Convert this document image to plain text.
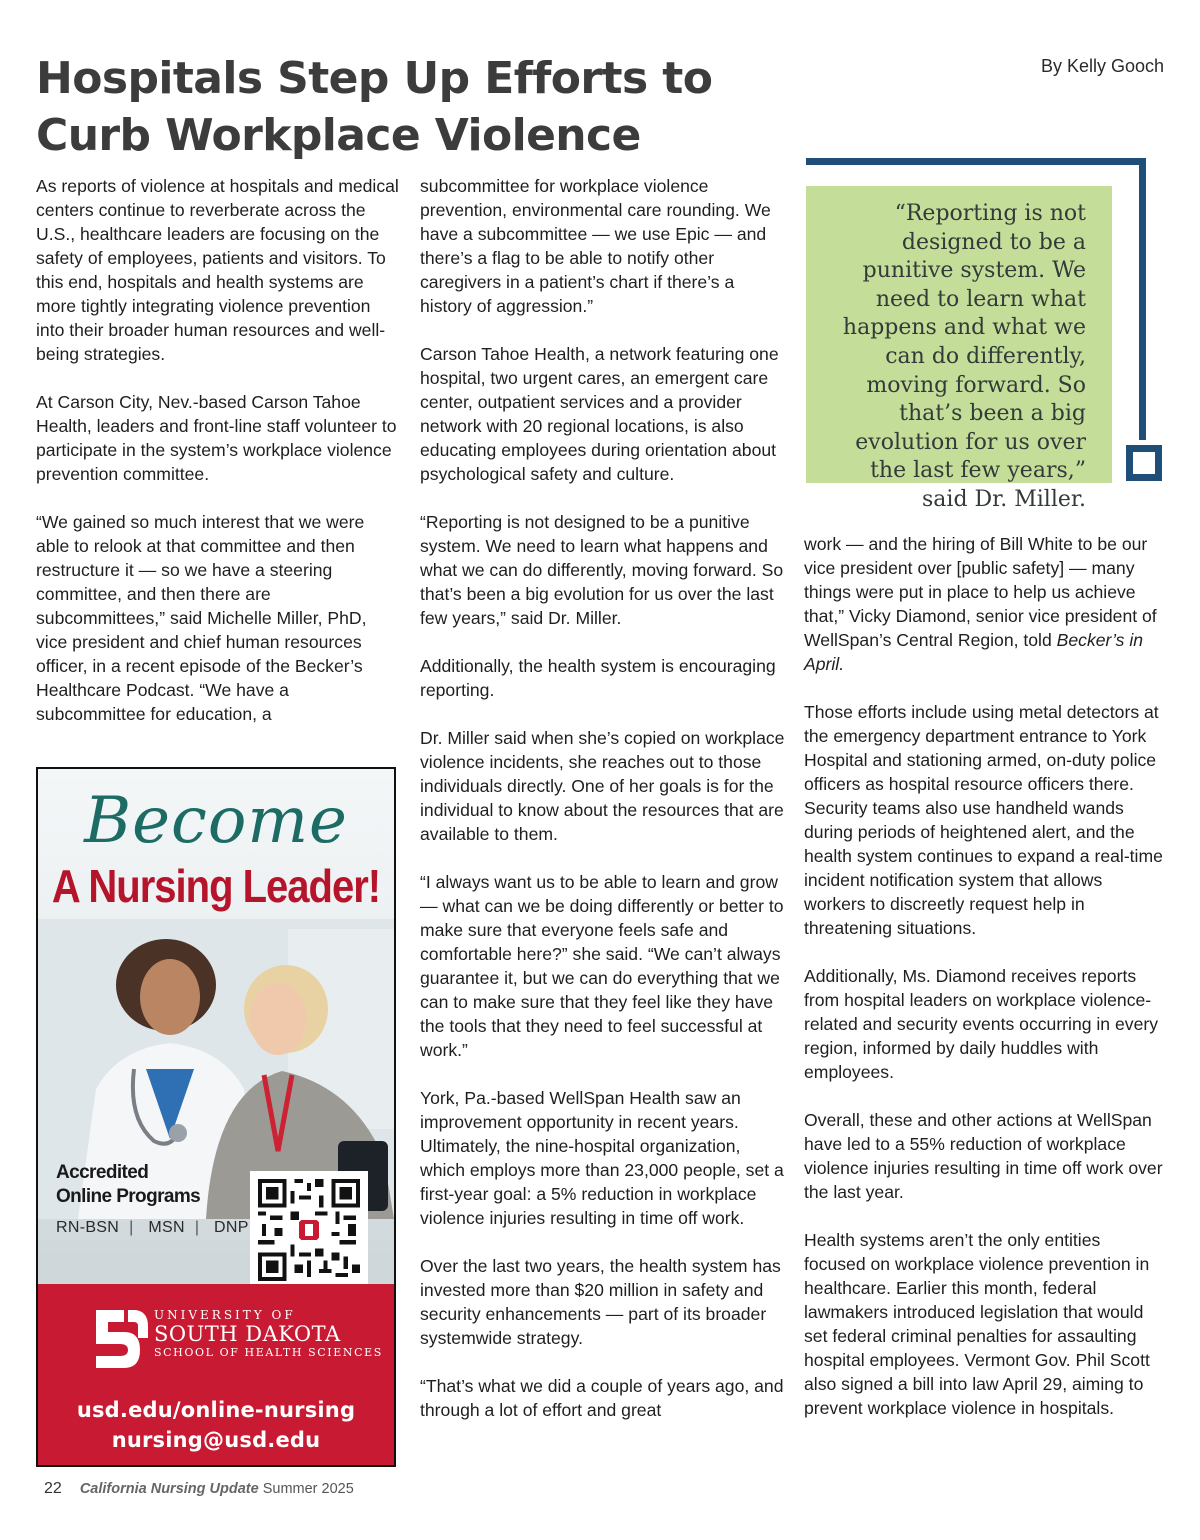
Hospitals Step Up Efforts to Curb Workplace Violence
By Kelly Gooch

As reports of violence at hospitals and medical centers continue to reverberate across the U.S., healthcare leaders are focusing on the safety of employees, patients and visitors. To this end, hospitals and health systems are more tightly integrating violence prevention into their broader human resources and well-being strategies.

At Carson City, Nev.-based Carson Tahoe Health, leaders and front-line staff volunteer to participate in the system’s workplace violence prevention committee.

“We gained so much interest that we were able to relook at that committee and then restructure it — so we have a steering committee, and then there are subcommittees,” said Michelle Miller, PhD, vice president and chief human resources officer, in a recent episode of the Becker’s Healthcare Podcast. “We have a subcommittee for education, a

subcommittee for workplace violence prevention, environmental care rounding. We have a subcommittee — we use Epic — and there’s a flag to be able to notify other caregivers in a patient’s chart if there’s a history of aggression.”

Carson Tahoe Health, a network featuring one hospital, two urgent cares, an emergent care center, outpatient services and a provider network with 20 regional locations, is also educating employees during orientation about psychological safety and culture.

“Reporting is not designed to be a punitive system. We need to learn what happens and what we can do differently, moving forward. So that’s been a big evolution for us over the last few years,” said Dr. Miller.

Additionally, the health system is encouraging reporting.

Dr. Miller said when she’s copied on workplace violence incidents, she reaches out to those individuals directly. One of her goals is for the individual to know about the resources that are available to them.

“I always want us to be able to learn and grow — what can we be doing differently or better to make sure that everyone feels safe and comfortable here?” she said. “We can’t always guarantee it, but we can do everything that we can to make sure that they feel like they have the tools that they need to feel successful at work.”

York, Pa.-based WellSpan Health saw an improvement opportunity in recent years. Ultimately, the nine-hospital organization, which employs more than 23,000 people, set a first-year goal: a 5% reduction in workplace violence injuries resulting in time off work.

Over the last two years, the health system has invested more than $20 million in safety and security enhancements — part of its broader systemwide strategy.

“That’s what we did a couple of years ago, and through a lot of effort and great

work — and the hiring of Bill White to be our vice president over [public safety] — many things were put in place to help us achieve that,” Vicky Diamond, senior vice president of WellSpan’s Central Region, told Becker’s in April.

Those efforts include using metal detectors at the emergency department entrance to York Hospital and stationing armed, on-duty police officers as hospital resource officers there. Security teams also use handheld wands during periods of heightened alert, and the health system continues to expand a real-time incident notification system that allows workers to discreetly request help in threatening situations.

Additionally, Ms. Diamond receives reports from hospital leaders on workplace violence-related and security events occurring in every region, informed by daily huddles with employees.

Overall, these and other actions at WellSpan have led to a 55% reduction of workplace violence injuries resulting in time off work over the last year.

Health systems aren’t the only entities focused on workplace violence prevention in healthcare. Earlier this month, federal lawmakers introduced legislation that would set federal criminal penalties for assaulting hospital employees. Vermont Gov. Phil Scott also signed a bill into law April 29, aiming to prevent workplace violence in hospitals.

“Reporting is not designed to be a punitive system. We need to learn what happens and what we can do differently, moving forward. So that’s been a big evolution for us over the last few years,” said Dr. Miller.

Become
A Nursing Leader!
Accredited
Online Programs
RN-BSN | MSN | DNP
UNIVERSITY OF
SOUTH DAKOTA
SCHOOL OF HEALTH SCIENCES
usd.edu/online-nursing
nursing@usd.edu
22 California Nursing Update Summer 2025
